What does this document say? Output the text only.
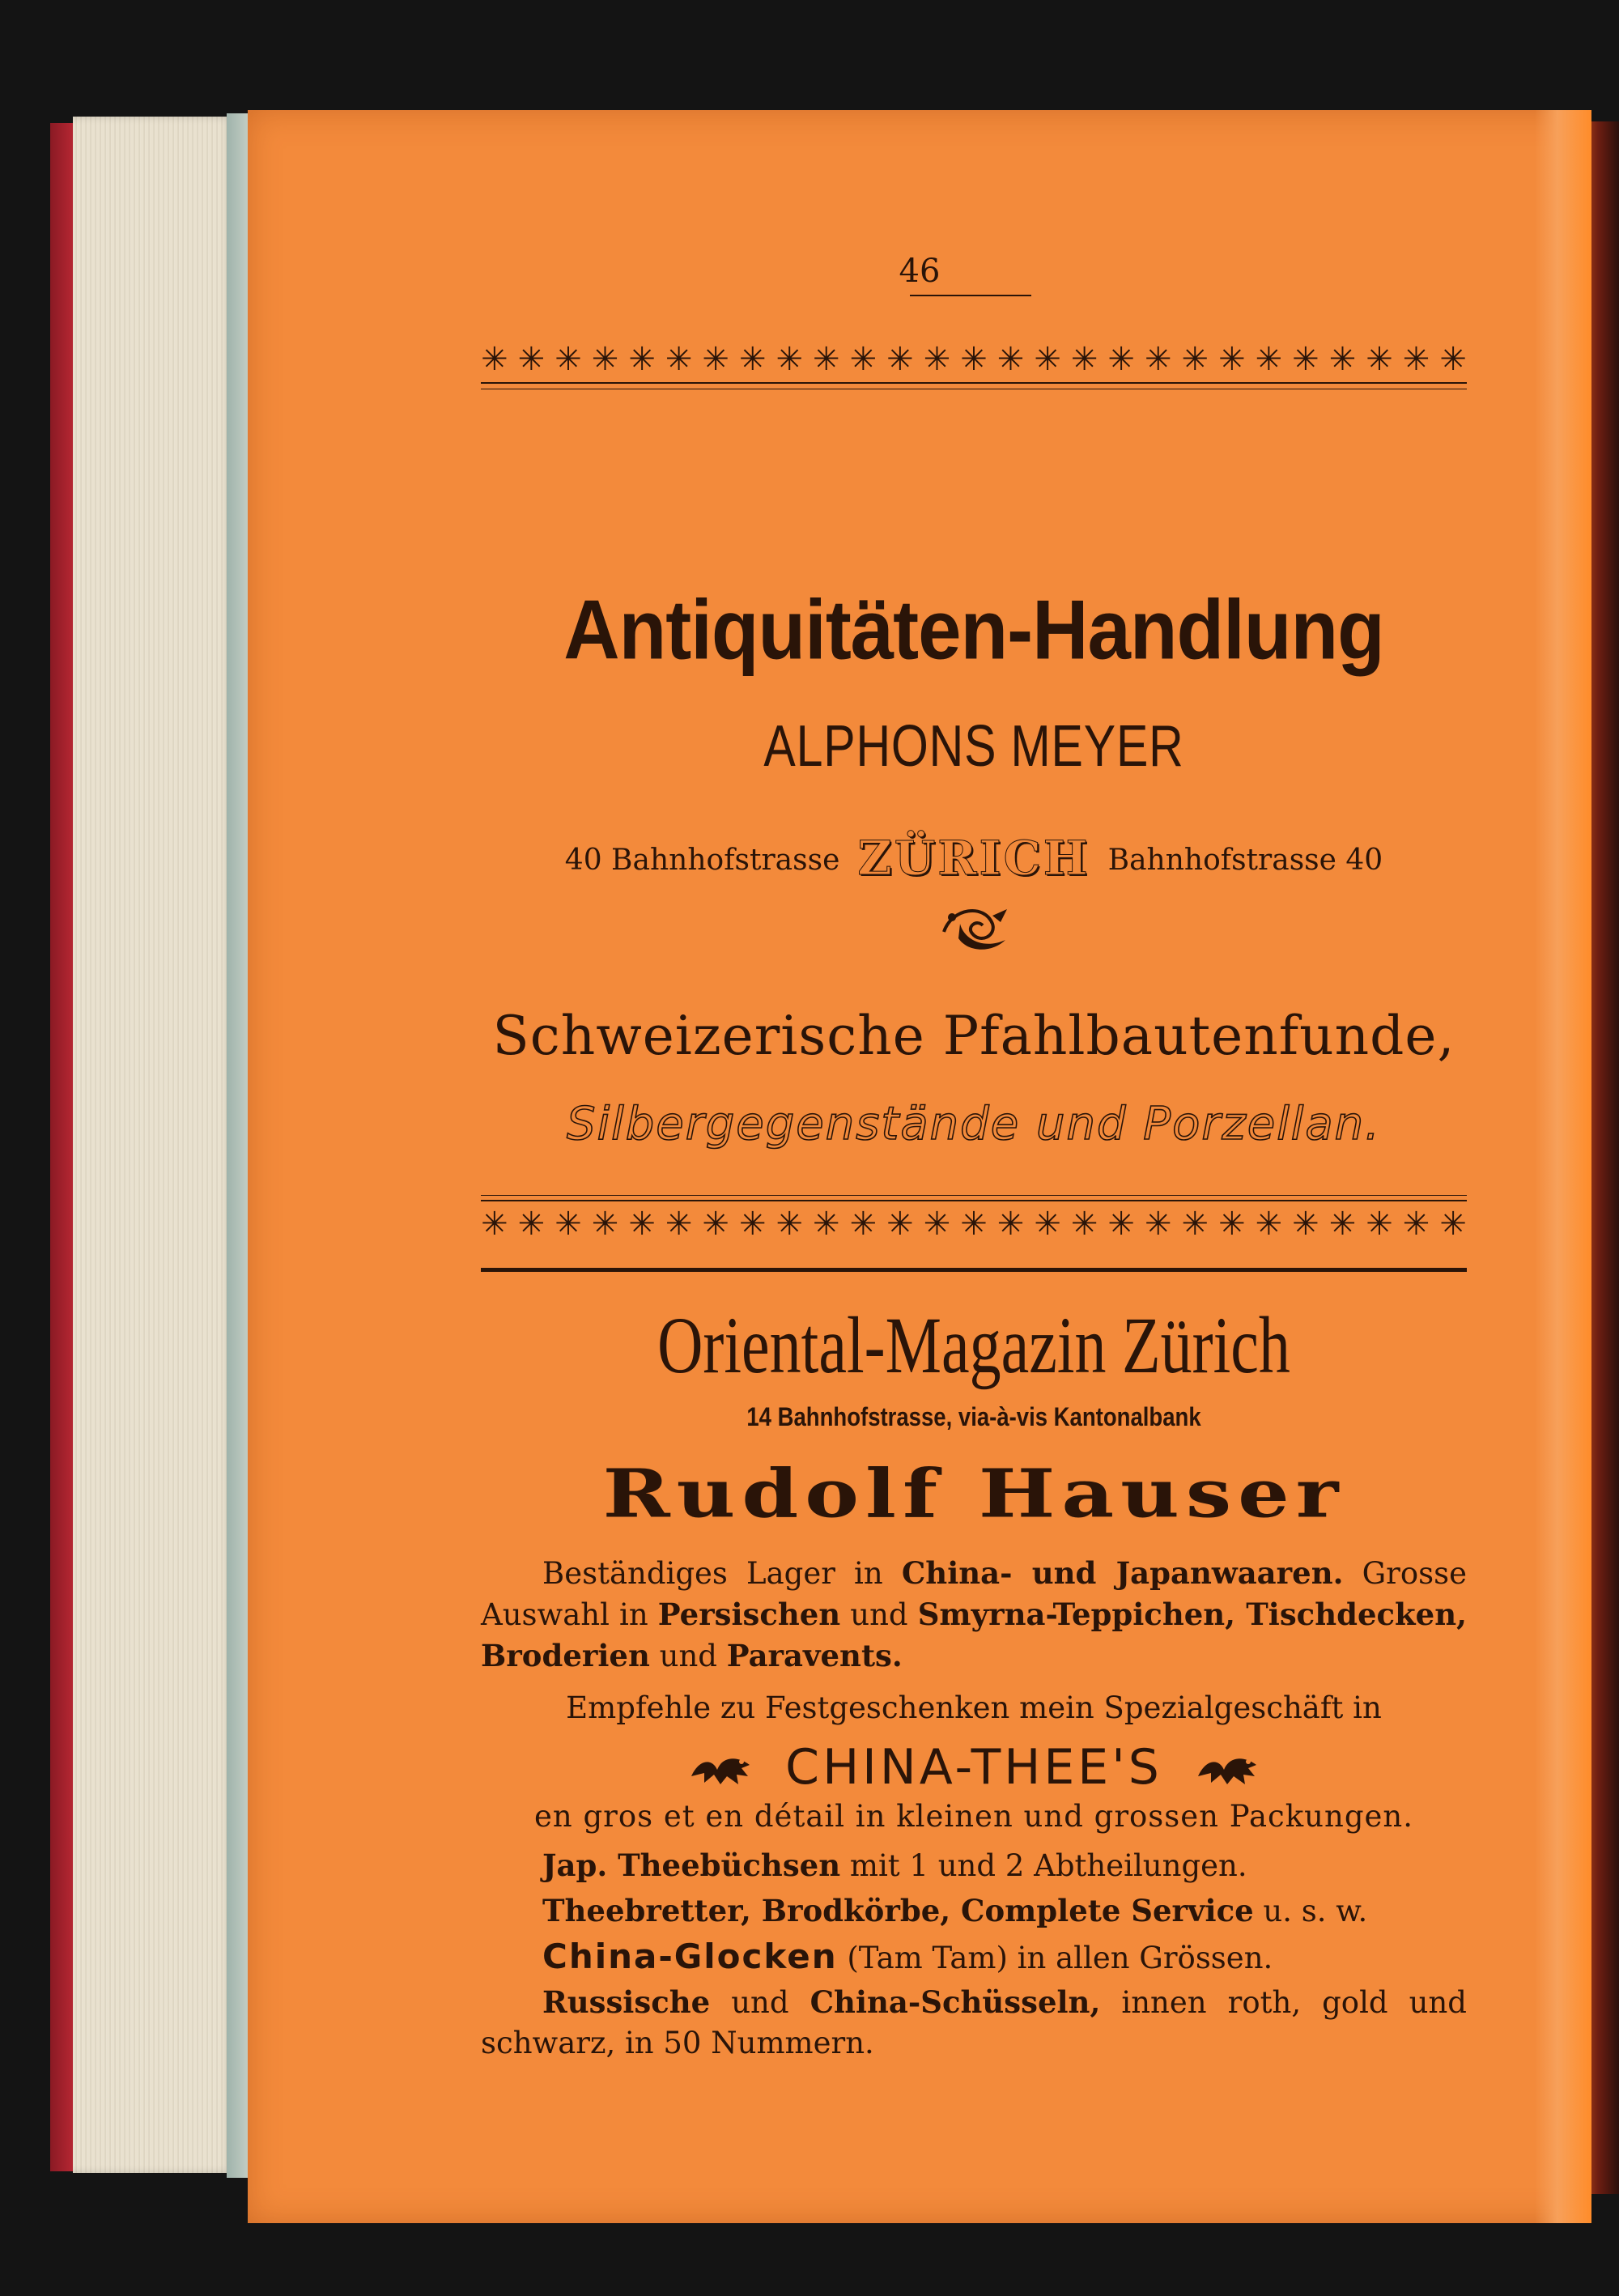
46
✳ ✳ ✳ ✳ ✳ ✳ ✳ ✳ ✳ ✳ ✳ ✳ ✳ ✳ ✳ ✳ ✳ ✳ ✳ ✳ ✳ ✳ ✳ ✳ ✳ ✳ ✳
Antiquitäten-Handlung
ALPHONS MEYER
40 Bahnhofstrasse ZÜRICH Bahnhofstrasse 40
Schweizerische Pfahlbautenfunde,
Silbergegenstände und Porzellan.
✳ ✳ ✳ ✳ ✳ ✳ ✳ ✳ ✳ ✳ ✳ ✳ ✳ ✳ ✳ ✳ ✳ ✳ ✳ ✳ ✳ ✳ ✳ ✳ ✳ ✳ ✳
Oriental-Magazin Zürich
14 Bahnhofstrasse, via-à-vis Kantonalbank
Rudolf Hauser
Beständiges Lager in China- und Japanwaaren. Grosse Auswahl in Persischen und Smyrna-Teppichen, Tischdecken, Broderien und Paravents.
Empfehle zu Festgeschenken mein Spezialgeschäft in
CHINA-THEE'S
en gros et en détail in kleinen und grossen Packungen.
Jap. Theebüchsen mit 1 und 2 Abtheilungen.
Theebretter, Brodkörbe, Complete Service u. s. w.
China-Glocken (Tam Tam) in allen Grössen.
Russische und China-Schüsseln, innen roth, gold und schwarz, in 50 Nummern.
